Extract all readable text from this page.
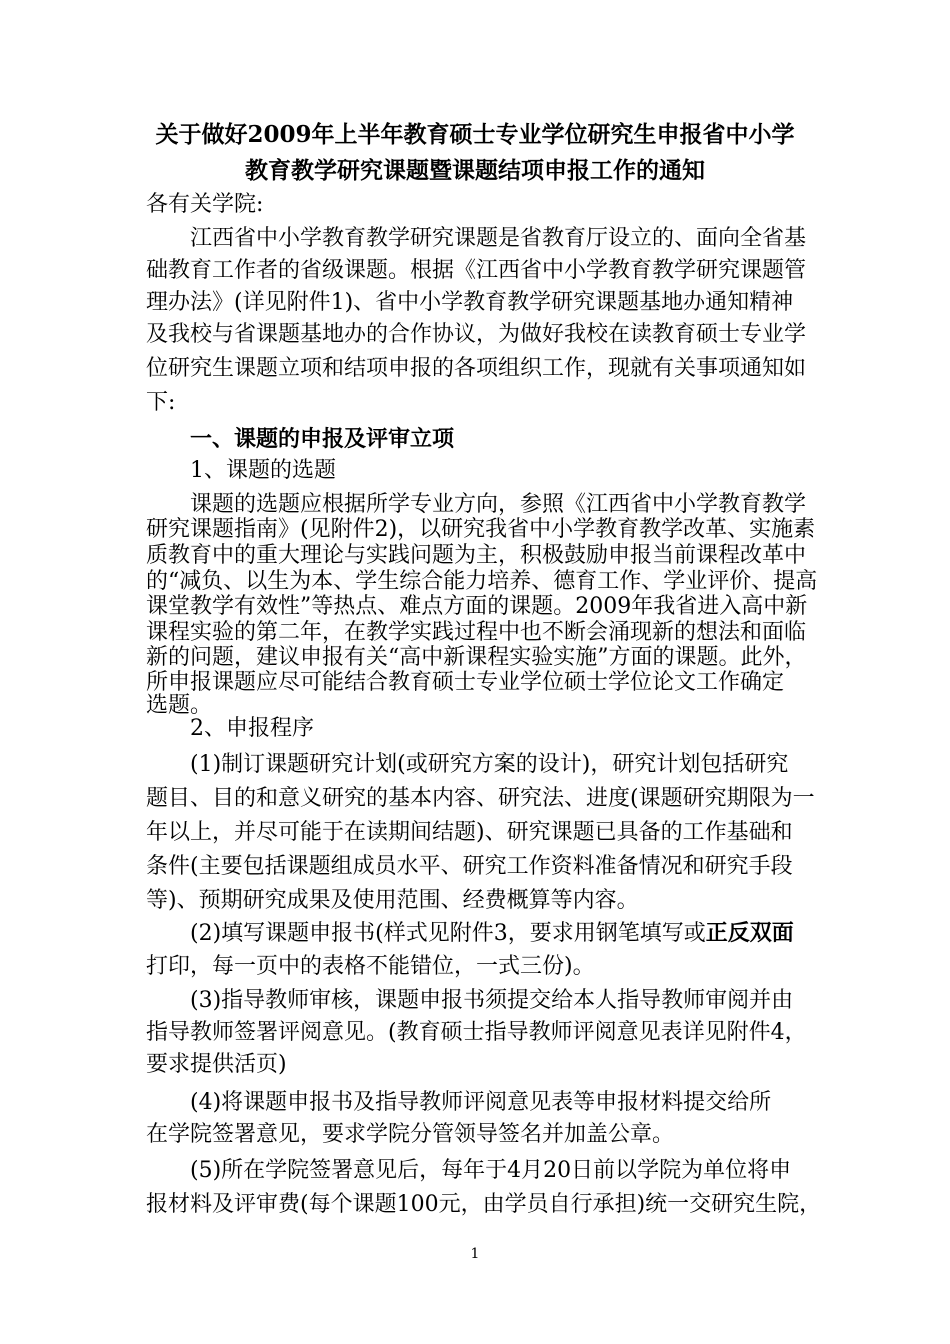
关于做好2009年上半年教育硕士专业学位研究生申报省中小学
教育教学研究课题暨课题结项申报工作的通知
各有关学院:
江西省中小学教育教学研究课题是省教育厅设立的、面向全省基
础教育工作者的省级课题。根据《江西省中小学教育教学研究课题管
理办法》(详见附件1)、省中小学教育教学研究课题基地办通知精神
及我校与省课题基地办的合作协议，为做好我校在读教育硕士专业学
位研究生课题立项和结项申报的各项组织工作，现就有关事项通知如
下:
一、课题的申报及评审立项
1、课题的选题
课题的选题应根据所学专业方向，参照《江西省中小学教育教学
研究课题指南》(见附件2)，以研究我省中小学教育教学改革、实施素
质教育中的重大理论与实践问题为主，积极鼓励申报当前课程改革中
的“减负、以生为本、学生综合能力培养、德育工作、学业评价、提高
课堂教学有效性”等热点、难点方面的课题。2009年我省进入高中新
课程实验的第二年，在教学实践过程中也不断会涌现新的想法和面临
新的问题，建议申报有关“高中新课程实验实施”方面的课题。此外，
所申报课题应尽可能结合教育硕士专业学位硕士学位论文工作确定
选题。
2、申报程序
(1)制订课题研究计划(或研究方案的设计)，研究计划包括研究
题目、目的和意义研究的基本内容、研究法、进度(课题研究期限为一
年以上，并尽可能于在读期间结题)、研究课题已具备的工作基础和
条件(主要包括课题组成员水平、研究工作资料准备情况和研究手段
等)、预期研究成果及使用范围、经费概算等内容。
(2)填写课题申报书(样式见附件3，要求用钢笔填写或正反双面
打印，每一页中的表格不能错位，一式三份)。
(3)指导教师审核，课题申报书须提交给本人指导教师审阅并由
指导教师签署评阅意见。(教育硕士指导教师评阅意见表详见附件4，
要求提供活页)
(4)将课题申报书及指导教师评阅意见表等申报材料提交给所
在学院签署意见，要求学院分管领导签名并加盖公章。
(5)所在学院签署意见后，每年于4月20日前以学院为单位将申
报材料及评审费(每个课题100元，由学员自行承担)统一交研究生院，
1
